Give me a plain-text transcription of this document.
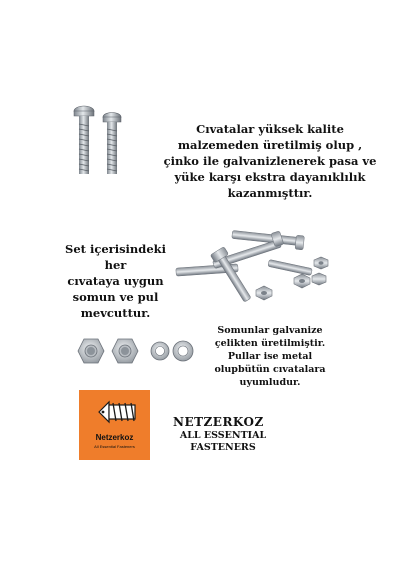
Cıvatalar yüksek kalite
malzemeden üretilmiş olup ,
çinko ile galvanizlenerek pasa ve
yüke karşı ekstra dayanıklılık
kazanmışttır.
Set içerisindeki her
cıvataya uygun
somun ve pul
mevcuttur.
Somunlar galvanize
çelikten üretilmiştir.
Pullar ise metal
olupbütün cıvatalara
uyumludur.
Netzerkoz
All Essential Fasteners
NETZERKOZ
ALL ESSENTIAL
FASTENERS
